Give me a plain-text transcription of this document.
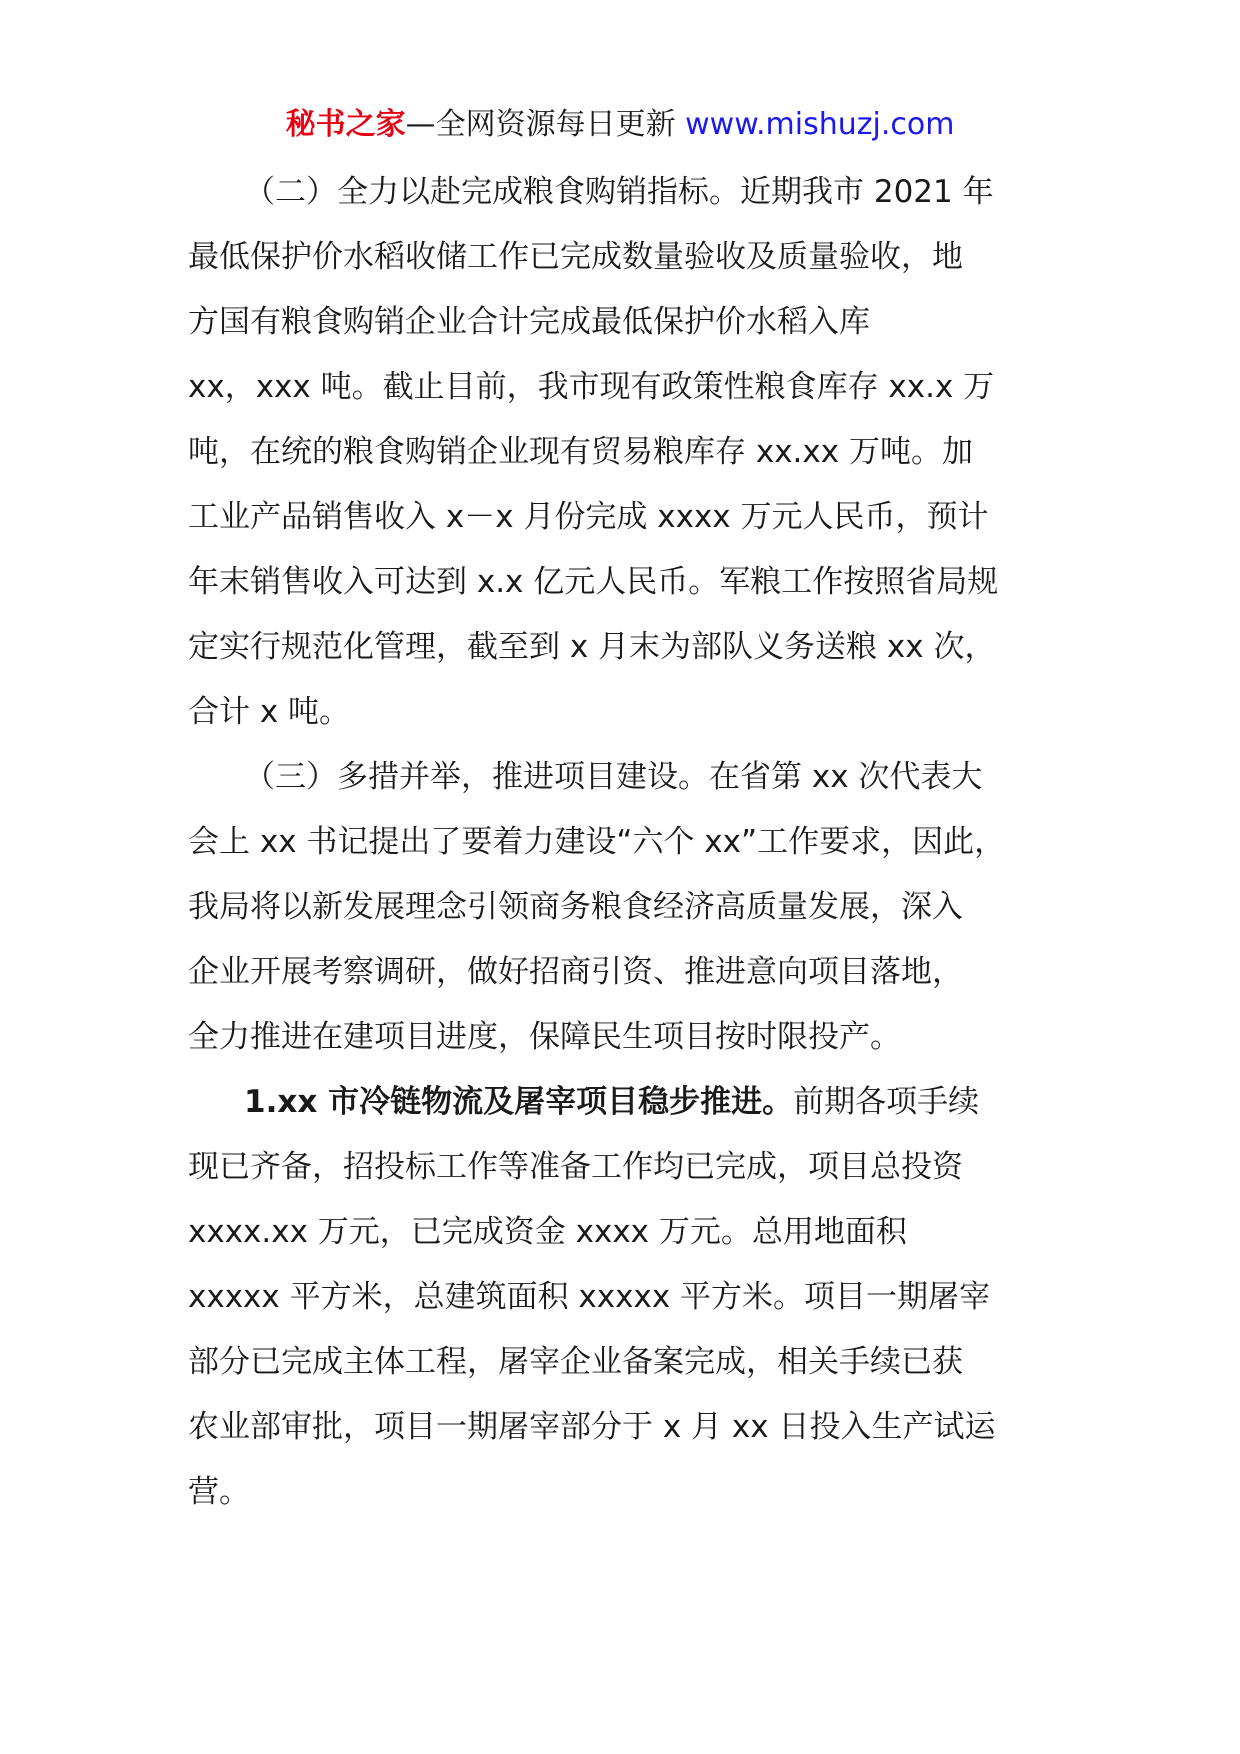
秘书之家—全网资源每日更新 www.mishuzj.com
（二）全力以赴完成粮食购销指标。近期我市 2021 年
最低保护价水稻收储工作已完成数量验收及质量验收，地
方国有粮食购销企业合计完成最低保护价水稻入库
xx，xxx 吨。截止目前，我市现有政策性粮食库存 xx.x 万
吨，在统的粮食购销企业现有贸易粮库存 xx.xx 万吨。加
工业产品销售收入 x－x 月份完成 xxxx 万元人民币，预计
年末销售收入可达到 x.x 亿元人民币。军粮工作按照省局规
定实行规范化管理，截至到 x 月末为部队义务送粮 xx 次，
合计 x 吨。
（三）多措并举，推进项目建设。在省第 xx 次代表大
会上 xx 书记提出了要着力建设“六个 xx”工作要求，因此，
我局将以新发展理念引领商务粮食经济高质量发展，深入
企业开展考察调研，做好招商引资、推进意向项目落地，
全力推进在建项目进度，保障民生项目按时限投产。
1.xx 市冷链物流及屠宰项目稳步推进。前期各项手续
现已齐备，招投标工作等准备工作均已完成，项目总投资
xxxx.xx 万元，已完成资金 xxxx 万元。总用地面积
xxxxx 平方米，总建筑面积 xxxxx 平方米。项目一期屠宰
部分已完成主体工程，屠宰企业备案完成，相关手续已获
农业部审批，项目一期屠宰部分于 x 月 xx 日投入生产试运
营。
